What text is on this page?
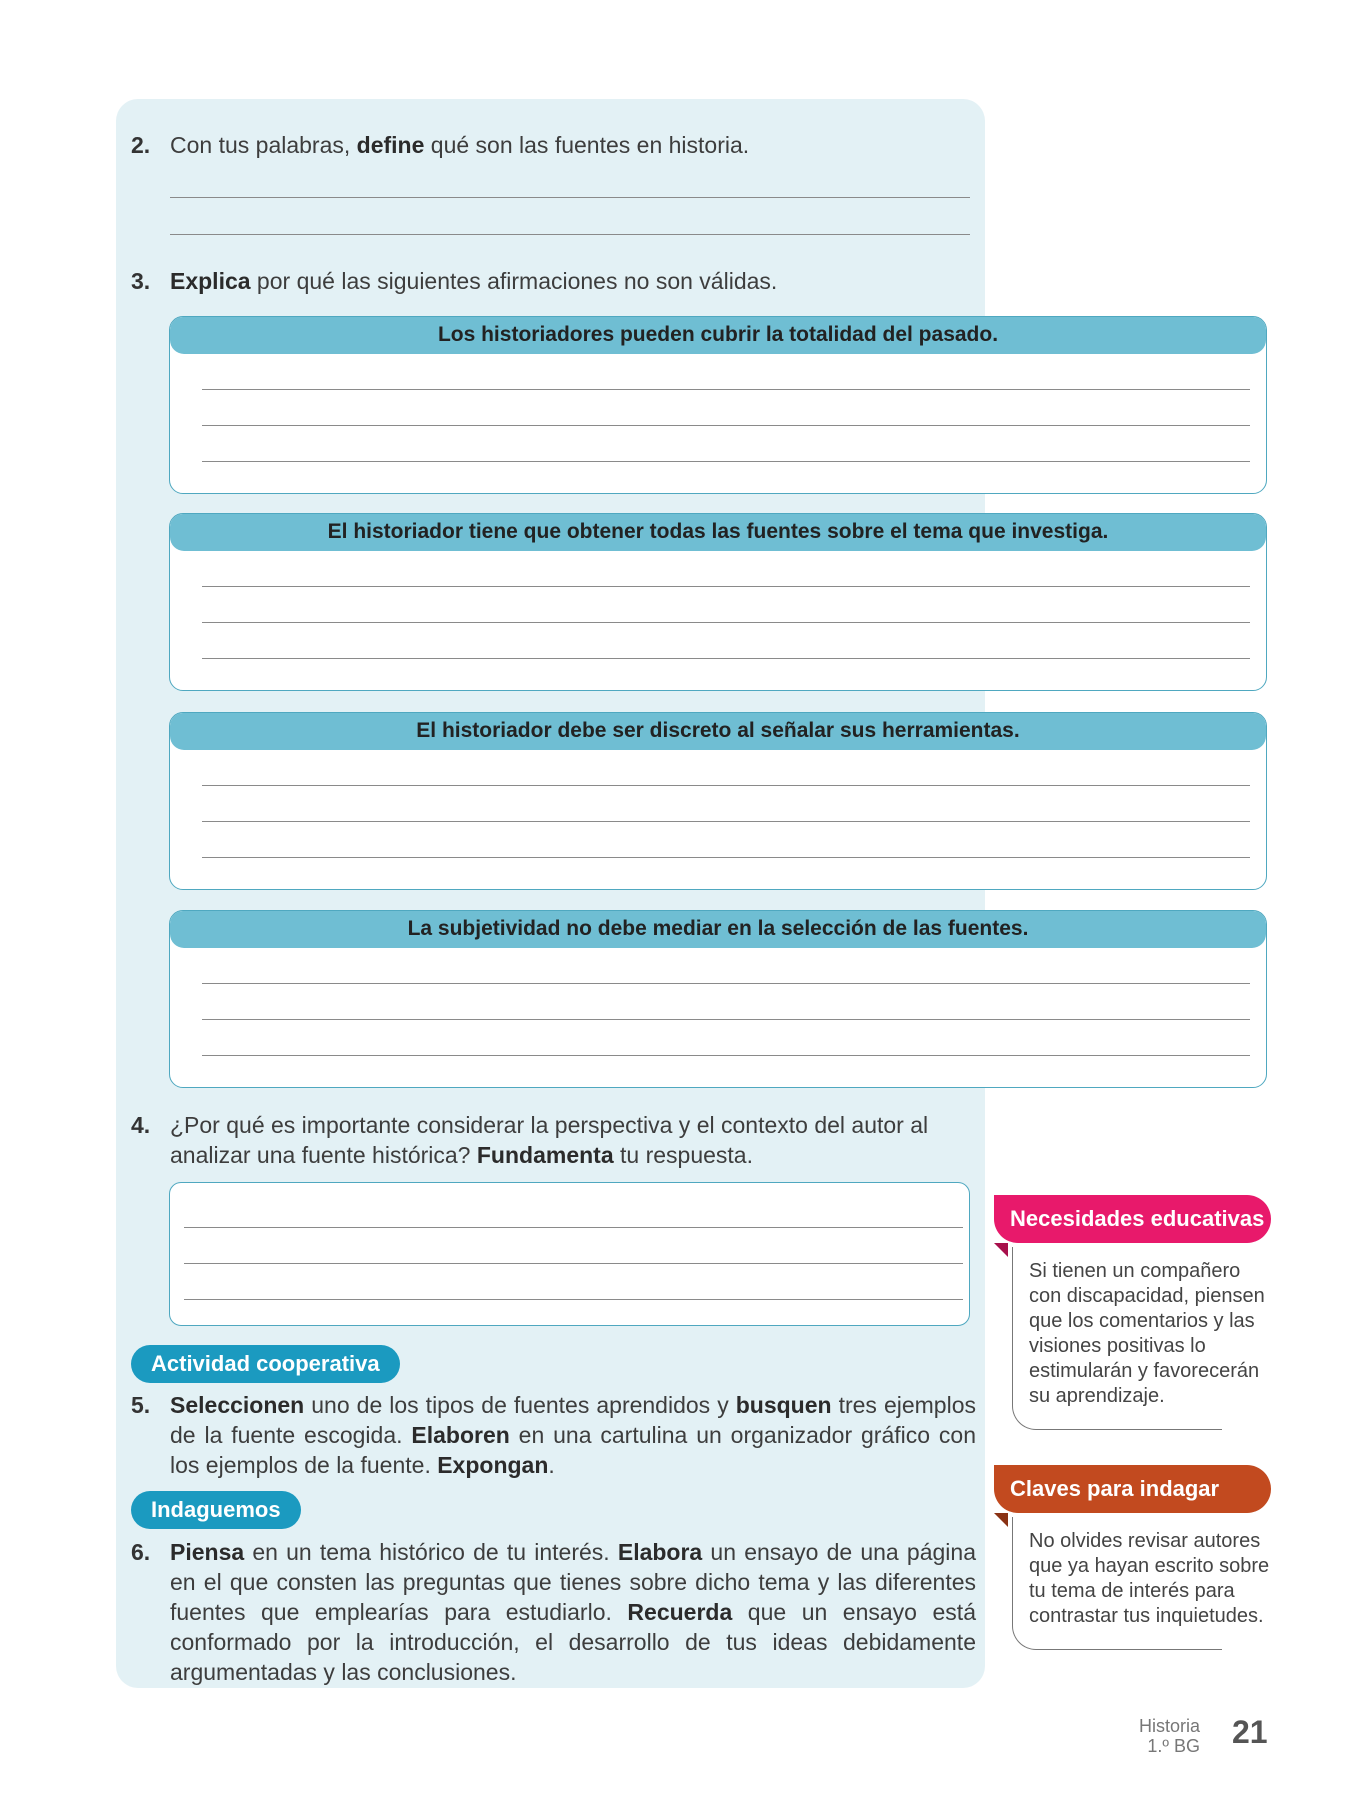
2. Con tus palabras, define qué son las fuentes en historia.
3. Explica por qué las siguientes afirmaciones no son válidas.
Los historiadores pueden cubrir la totalidad del pasado.
El historiador tiene que obtener todas las fuentes sobre el tema que investiga.
El historiador debe ser discreto al señalar sus herramientas.
La subjetividad no debe mediar en la selección de las fuentes.
4. ¿Por qué es importante considerar la perspectiva y el contexto del autor al analizar una fuente histórica? Fundamenta tu respuesta.
Actividad cooperativa
5. Seleccionen uno de los tipos de fuentes aprendidos y busquen tres ejemplos de la fuente escogida. Elaboren en una cartulina un organizador gráfico con los ejemplos de la fuente. Expongan.
Indaguemos
6. Piensa en un tema histórico de tu interés. Elabora un ensayo de una página en el que consten las preguntas que tienes sobre dicho tema y las diferentes fuentes que emplearías para estudiarlo. Recuerda que un ensayo está conformado por la introducción, el desarrollo de tus ideas debidamente argumentadas y las conclusiones.
Necesidades educativas
Si tienen un compañero con discapacidad, piensen que los comentarios y las visiones positivas lo estimularán y favorecerán su aprendizaje.
Claves para indagar
No olvides revisar autores que ya hayan escrito sobre tu tema de interés para contrastar tus inquietudes.
Historia
1.º BG 21
